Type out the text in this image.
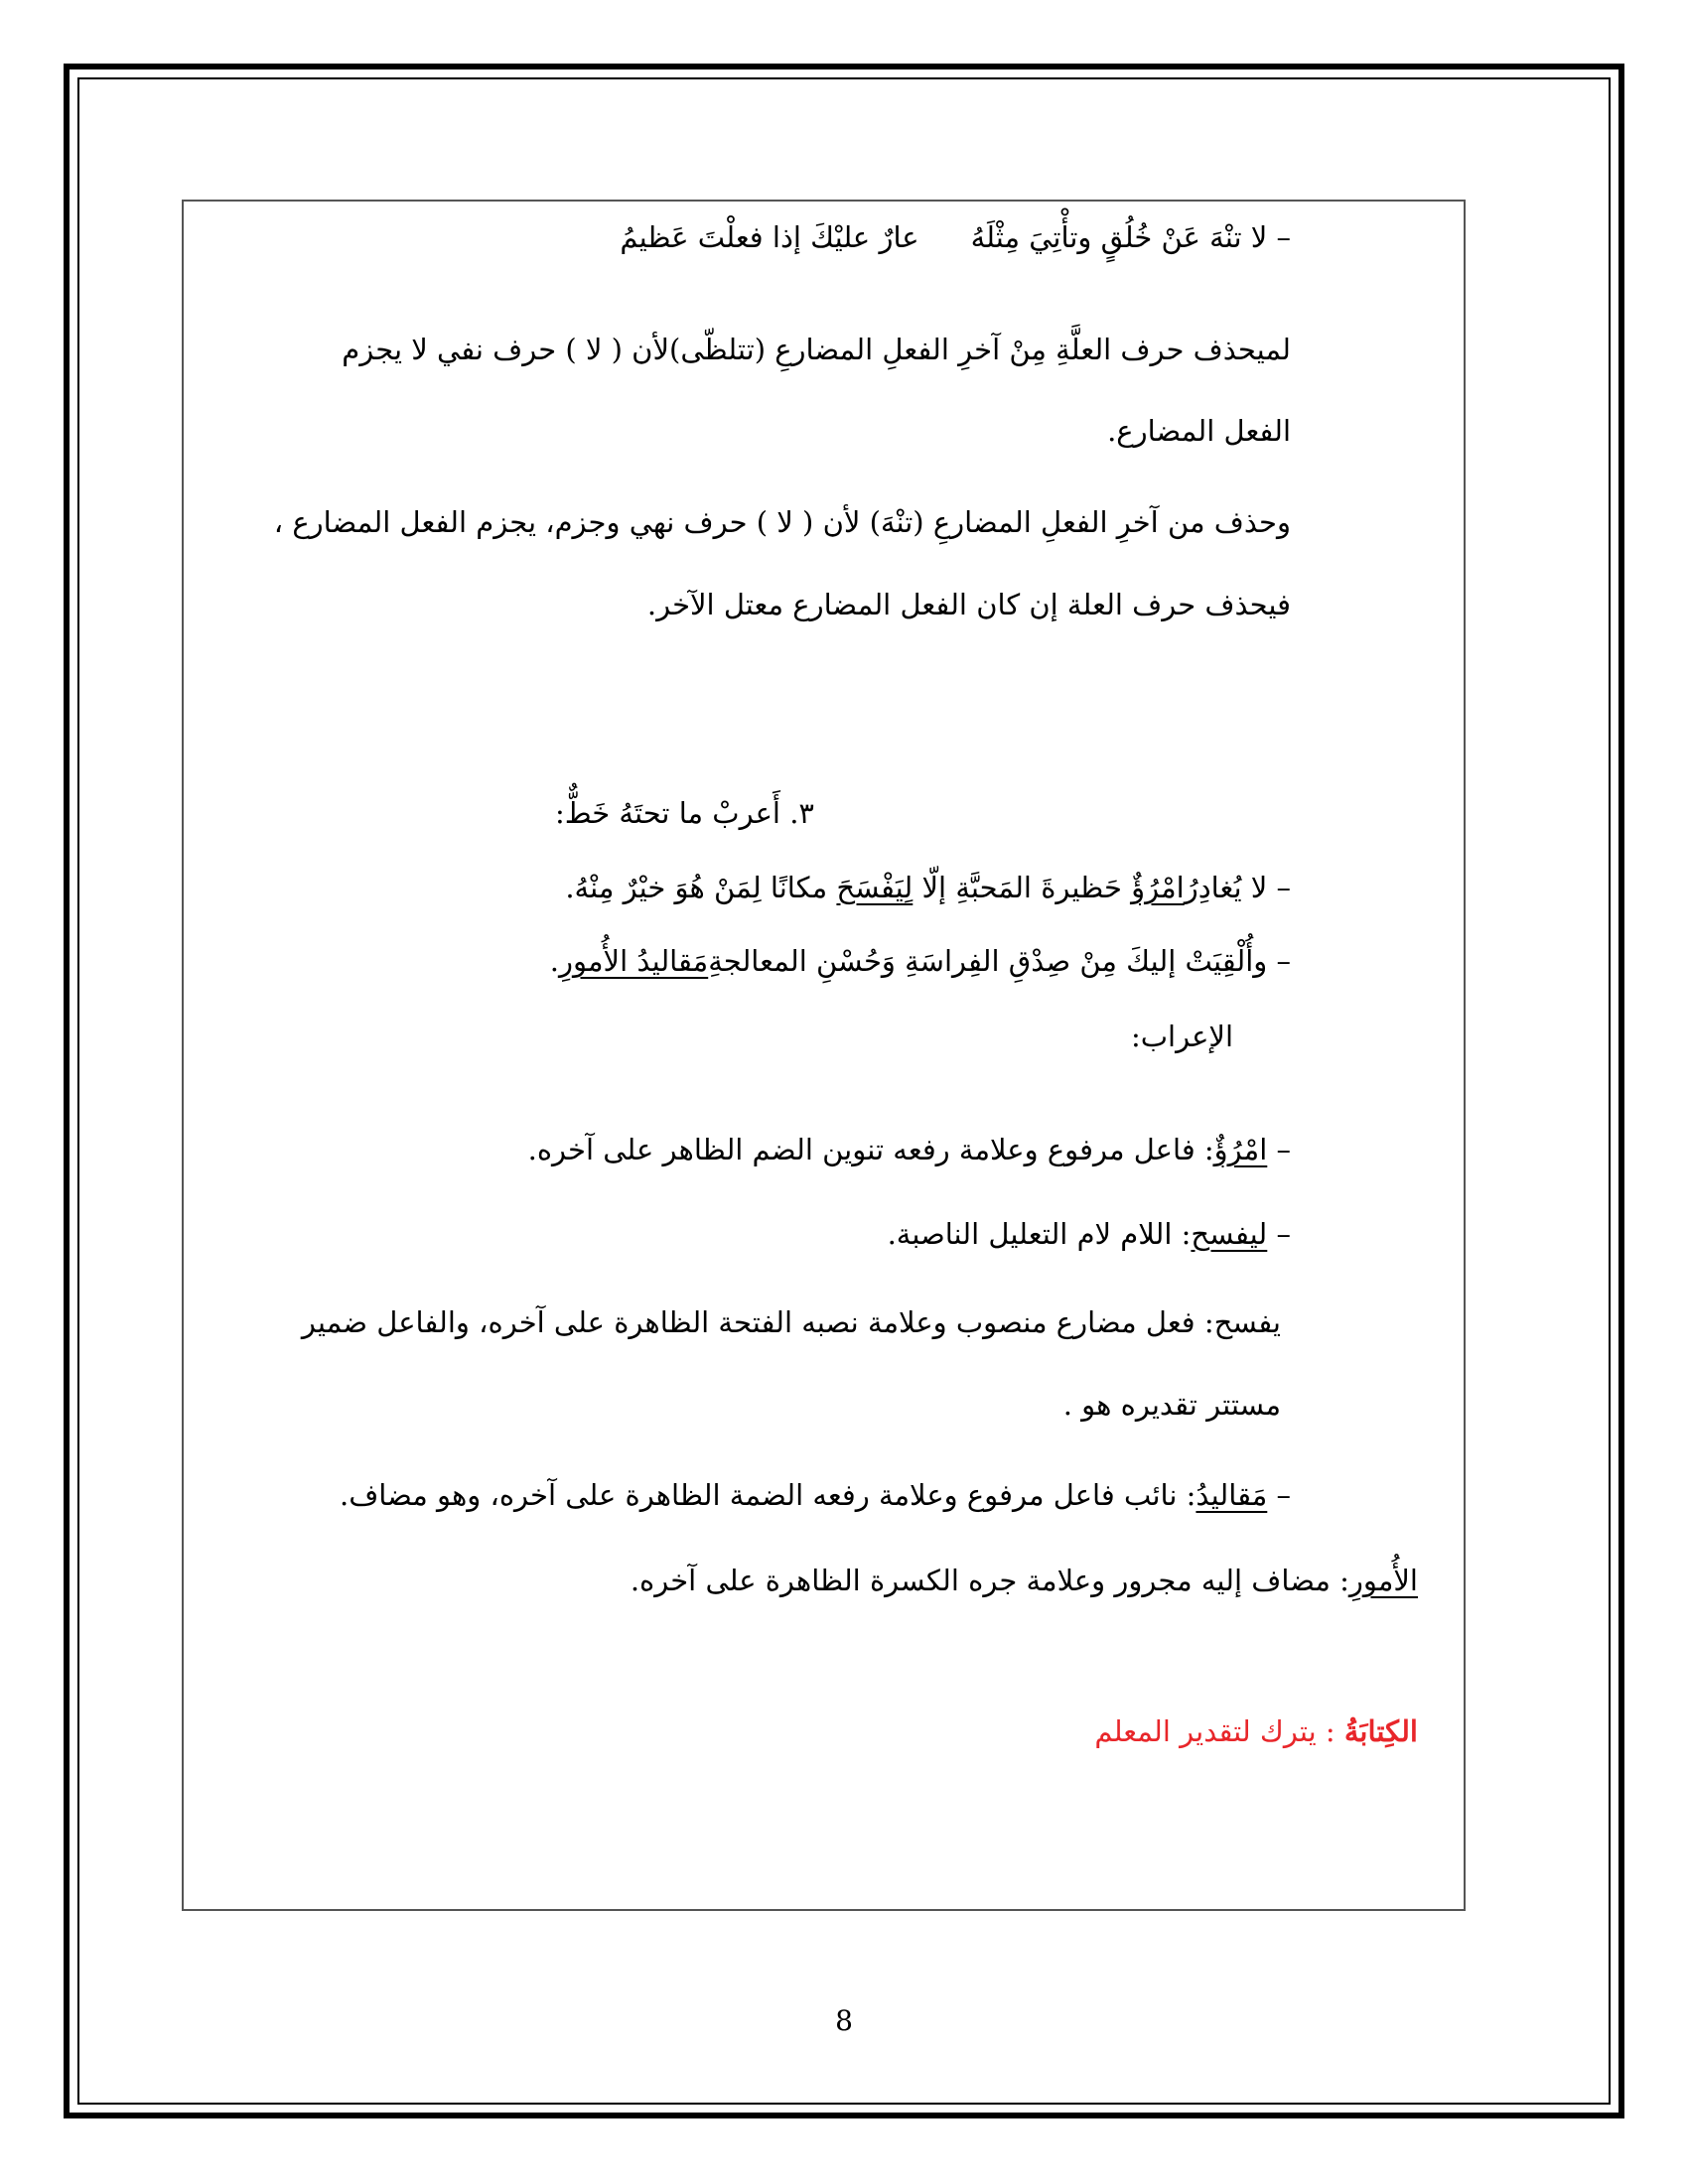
– لا تنْهَ عَنْ خُلُقٍ وتأْتِيَ مِثْلَهُعارٌ عليْكَ إذا فعلْتَ عَظيمُ
لميحذف حرف العلَّةِ مِنْ آخرِ الفعلِ المضارعِ (تتلظّى)لأن ( لا ) حرف نفي لا يجزم
الفعل المضارع.
وحذف من آخرِ الفعلِ المضارعِ (تنْهَ) لأن ( لا ) حرف نهي وجزم، يجزم الفعل المضارع ،
فيحذف حرف العلة إن كان الفعل المضارع معتل الآخر.
٣. أَعربْ ما تحتَهُ خَطٌّ:
– لا يُغادِرُامْرُؤٌ حَظيرةَ المَحبَّةِ إلّا لِيَفْسَحَ مكانًا لِمَنْ هُوَ خيْرٌ مِنْهُ.
– وأُلْقِيَتْ إليكَ مِنْ صِدْقِ الفِراسَةِ وَحُسْنِ المعالجةِمَقاليدُ الأُمورِ.
الإعراب:
– امْرُؤٌ: فاعل مرفوع وعلامة رفعه تنوين الضم الظاهر على آخره.
– ليفسح: اللام لام التعليل الناصبة.
يفسح: فعل مضارع منصوب وعلامة نصبه الفتحة الظاهرة على آخره، والفاعل ضمير
مستتر تقديره هو .
– مَقاليدُ: نائب فاعل مرفوع وعلامة رفعه الضمة الظاهرة على آخره، وهو مضاف.
الأُمورِ: مضاف إليه مجرور وعلامة جره الكسرة الظاهرة على آخره.
الكِتابَةُ : يترك لتقدير المعلم
8
